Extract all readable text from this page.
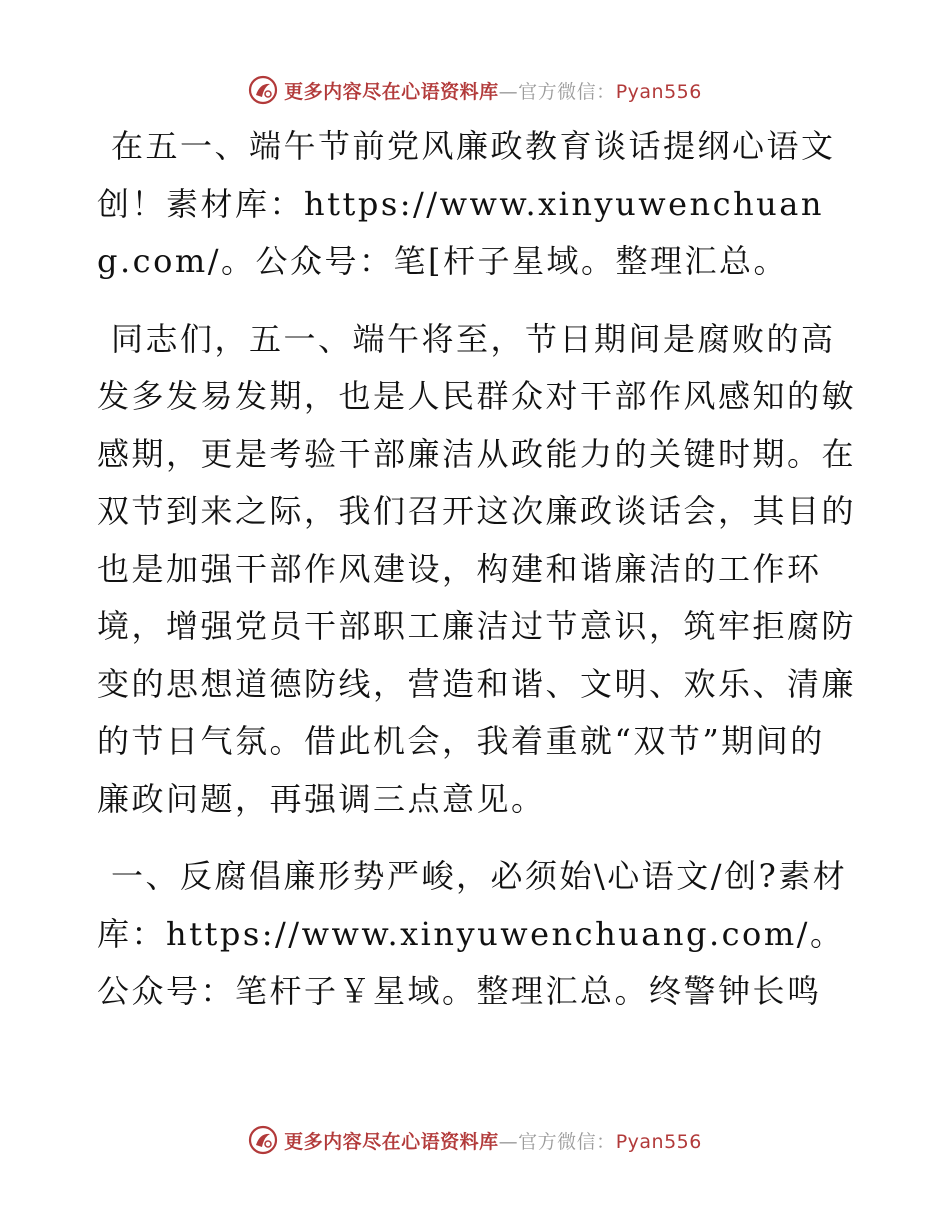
更多内容尽在心语资料库—官方微信：Pyan556

在五一、端午节前党风廉政教育谈话提纲心语文创！素材库：https://www.xinyuwenchuang.com/。公众号：笔[杆子星域。整理汇总。

同志们，五一、端午将至，节日期间是腐败的高发多发易发期，也是人民群众对干部作风感知的敏感期，更是考验干部廉洁从政能力的关键时期。在双节到来之际，我们召开这次廉政谈话会，其目的也是加强干部作风建设，构建和谐廉洁的工作环境，增强党员干部职工廉洁过节意识，筑牢拒腐防变的思想道德防线，营造和谐、文明、欢乐、清廉的节日气氛。借此机会，我着重就“双节”期间的廉政问题，再强调三点意见。

一、反腐倡廉形势严峻，必须始\心语文/创?素材库：https://www.xinyuwenchuang.com/。公众号：笔杆子￥星域。整理汇总。终警钟长鸣

更多内容尽在心语资料库—官方微信：Pyan556
